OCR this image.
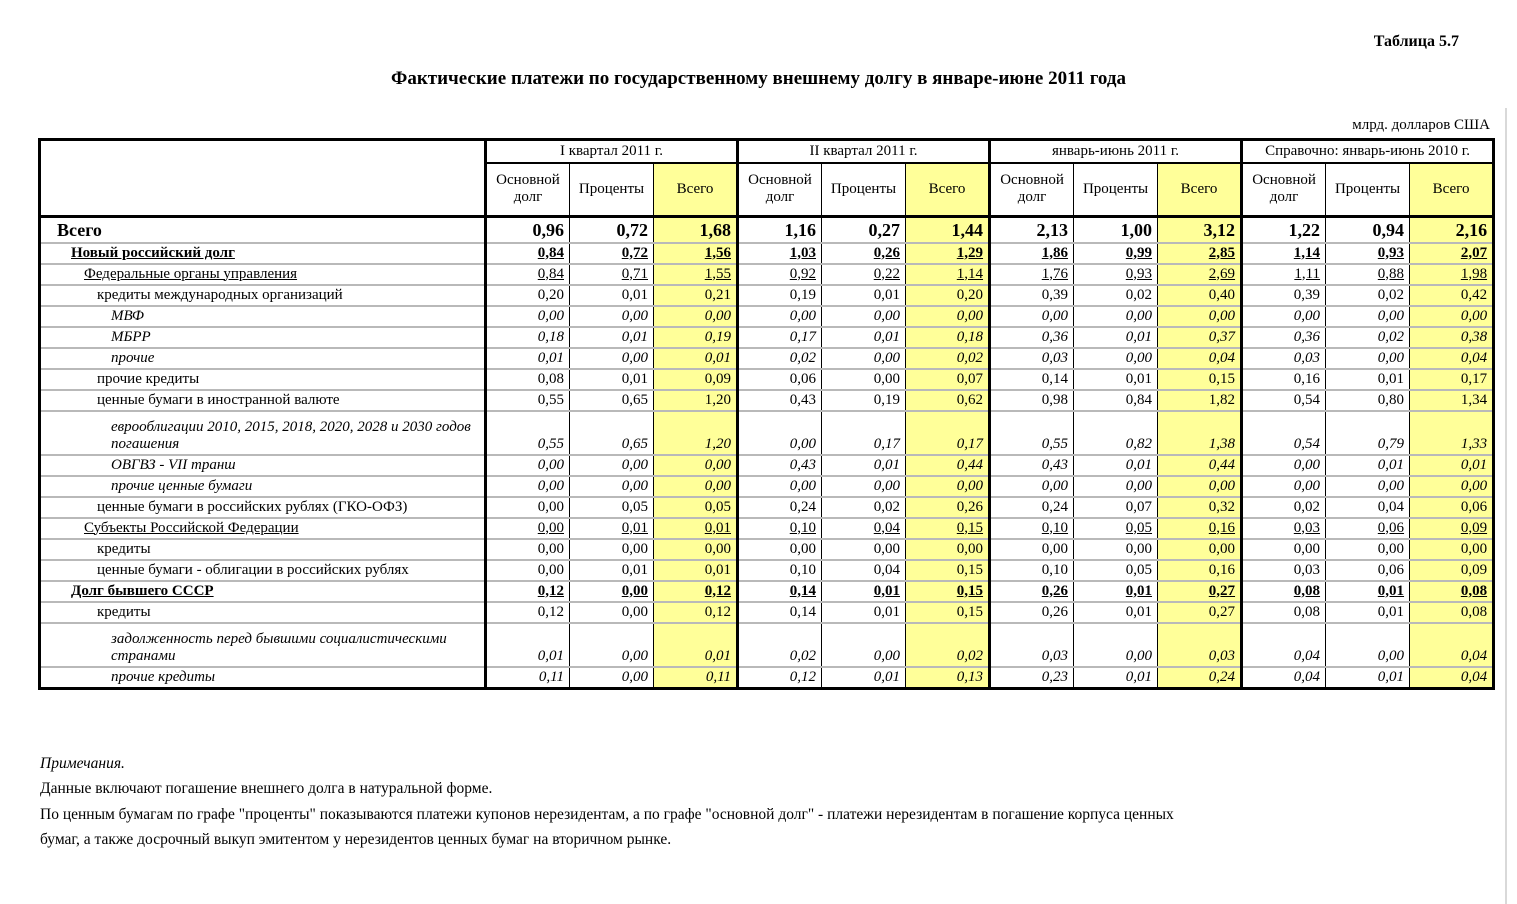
Таблица 5.7
Фактические платежи по государственному внешнему долгу в январе-июне 2011 года
млрд. долларов США
	I квартал 2011 г.			II квартал 2011 г.			январь-июнь 2011 г.			Справочно: январь-июнь 2010 г.		
	Основной долг	Проценты	Всего	Основной долг	Проценты	Всего	Основной долг	Проценты	Всего	Основной долг	Проценты	Всего
Всего	0,96	0,72	1,68	1,16	0,27	1,44	2,13	1,00	3,12	1,22	0,94	2,16
Новый российский долг	0,84	0,72	1,56	1,03	0,26	1,29	1,86	0,99	2,85	1,14	0,93	2,07
Федеральные органы управления	0,84	0,71	1,55	0,92	0,22	1,14	1,76	0,93	2,69	1,11	0,88	1,98
кредиты международных организаций	0,20	0,01	0,21	0,19	0,01	0,20	0,39	0,02	0,40	0,39	0,02	0,42
МВФ	0,00	0,00	0,00	0,00	0,00	0,00	0,00	0,00	0,00	0,00	0,00	0,00
МБРР	0,18	0,01	0,19	0,17	0,01	0,18	0,36	0,01	0,37	0,36	0,02	0,38
прочие	0,01	0,00	0,01	0,02	0,00	0,02	0,03	0,00	0,04	0,03	0,00	0,04
прочие кредиты	0,08	0,01	0,09	0,06	0,00	0,07	0,14	0,01	0,15	0,16	0,01	0,17
ценные бумаги в иностранной валюте	0,55	0,65	1,20	0,43	0,19	0,62	0,98	0,84	1,82	0,54	0,80	1,34
еврооблигации 2010, 2015, 2018, 2020, 2028 и 2030 годов погашения	0,55	0,65	1,20	0,00	0,17	0,17	0,55	0,82	1,38	0,54	0,79	1,33
ОВГВЗ - VII транш	0,00	0,00	0,00	0,43	0,01	0,44	0,43	0,01	0,44	0,00	0,01	0,01
прочие ценные бумаги	0,00	0,00	0,00	0,00	0,00	0,00	0,00	0,00	0,00	0,00	0,00	0,00
ценные бумаги в российских рублях (ГКО-ОФЗ)	0,00	0,05	0,05	0,24	0,02	0,26	0,24	0,07	0,32	0,02	0,04	0,06
Субъекты Российской Федерации	0,00	0,01	0,01	0,10	0,04	0,15	0,10	0,05	0,16	0,03	0,06	0,09
кредиты	0,00	0,00	0,00	0,00	0,00	0,00	0,00	0,00	0,00	0,00	0,00	0,00
ценные бумаги - облигации в российских рублях	0,00	0,01	0,01	0,10	0,04	0,15	0,10	0,05	0,16	0,03	0,06	0,09
Долг бывшего СССР	0,12	0,00	0,12	0,14	0,01	0,15	0,26	0,01	0,27	0,08	0,01	0,08
кредиты	0,12	0,00	0,12	0,14	0,01	0,15	0,26	0,01	0,27	0,08	0,01	0,08
задолженность перед бывшими социалистическими странами	0,01	0,00	0,01	0,02	0,00	0,02	0,03	0,00	0,03	0,04	0,00	0,04
прочие кредиты	0,11	0,00	0,11	0,12	0,01	0,13	0,23	0,01	0,24	0,04	0,01	0,04
Примечания.
Данные включают погашение внешнего долга в натуральной форме.
По ценным бумагам по графе "проценты" показываются платежи купонов нерезидентам, а по графе "основной долг" - платежи нерезидентам в погашение корпуса ценных бумаг, а также досрочный выкуп эмитентом у нерезидентов ценных бумаг на вторичном рынке.
